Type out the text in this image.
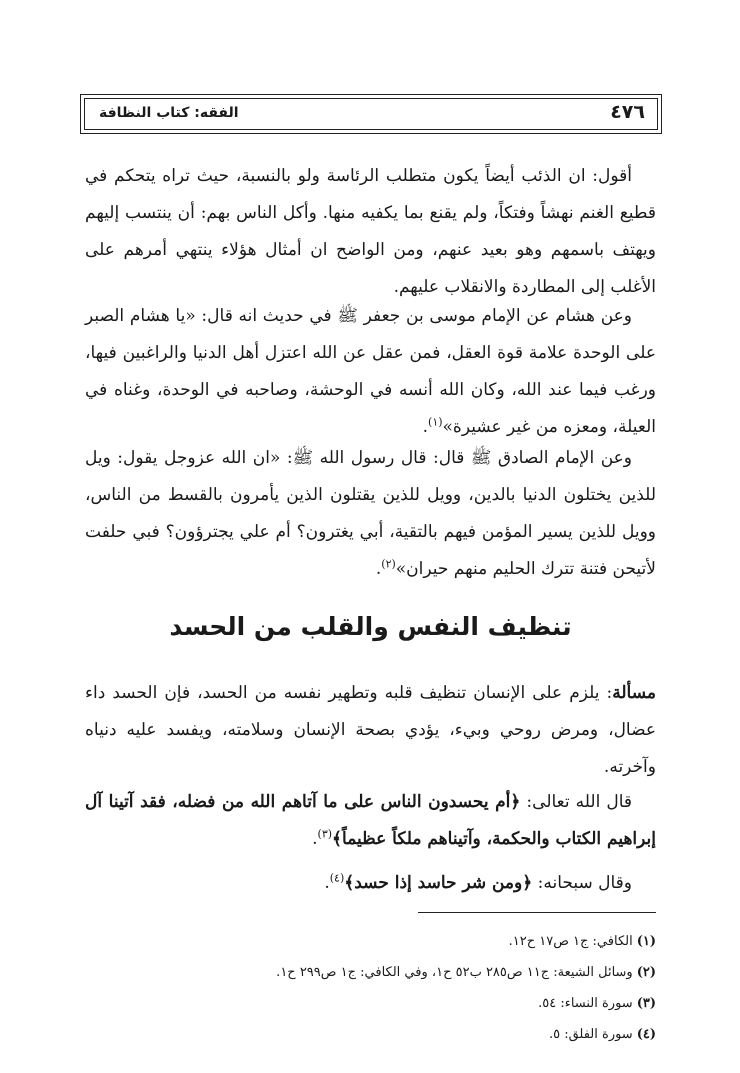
٤٧٦
الفقه: كتاب النظافة

أقول: ان الذئب أيضاً يكون متطلب الرئاسة ولو بالنسبة، حيث تراه يتحكم في قطيع الغنم نهشاً وفتكاً، ولم يقنع بما يكفيه منها. وأكل الناس بهم: أن ينتسب إليهم ويهتف باسمهم وهو بعيد عنهم، ومن الواضح ان أمثال هؤلاء ينتهي أمرهم على الأغلب إلى المطاردة والانقلاب عليهم.

وعن هشام عن الإمام موسى بن جعفر ﷺ في حديث انه قال: «يا هشام الصبر على الوحدة علامة قوة العقل، فمن عقل عن الله اعتزل أهل الدنيا والراغبين فيها، ورغب فيما عند الله، وكان الله أنسه في الوحشة، وصاحبه في الوحدة، وغناه في العيلة، ومعزه من غير عشيرة»$^{(١)}$.

وعن الإمام الصادق ﷺ قال: قال رسول الله ﷺ: «ان الله عزوجل يقول: ويل للذين يختلون الدنيا بالدين، وويل للذين يقتلون الذين يأمرون بالقسط من الناس، وويل للذين يسير المؤمن فيهم بالتقية، أبي يغترون؟ أم علي يجترؤون؟ فبي حلفت لأتيحن فتنة تترك الحليم منهم حيران»$^{(٢)}$.

تنظيف النفس والقلب من الحسد

مسألة: يلزم على الإنسان تنظيف قلبه وتطهير نفسه من الحسد، فإن الحسد داء عضال، ومرض روحي وبيء، يؤدي بصحة الإنسان وسلامته، ويفسد عليه دنياه وآخرته.

قال الله تعالى: ﴿أم يحسدون الناس على ما آتاهم الله من فضله، فقد آتينا آل إبراهيم الكتاب والحكمة، وآتيناهم ملكاً عظيماً﴾$^{(٣)}$.

وقال سبحانه: ﴿ومن شر حاسد إذا حسد﴾$^{(٤)}$.

(١)الكافي: ج١ ص١٧ ح١٢.
(٢)وسائل الشيعة: ج١١ ص٢٨٥ ب٥٢ ح١، وفي الكافي: ج١ ص٢٩٩ ح١.
(٣)سورة النساء: ٥٤.
(٤)سورة الفلق: ٥.
